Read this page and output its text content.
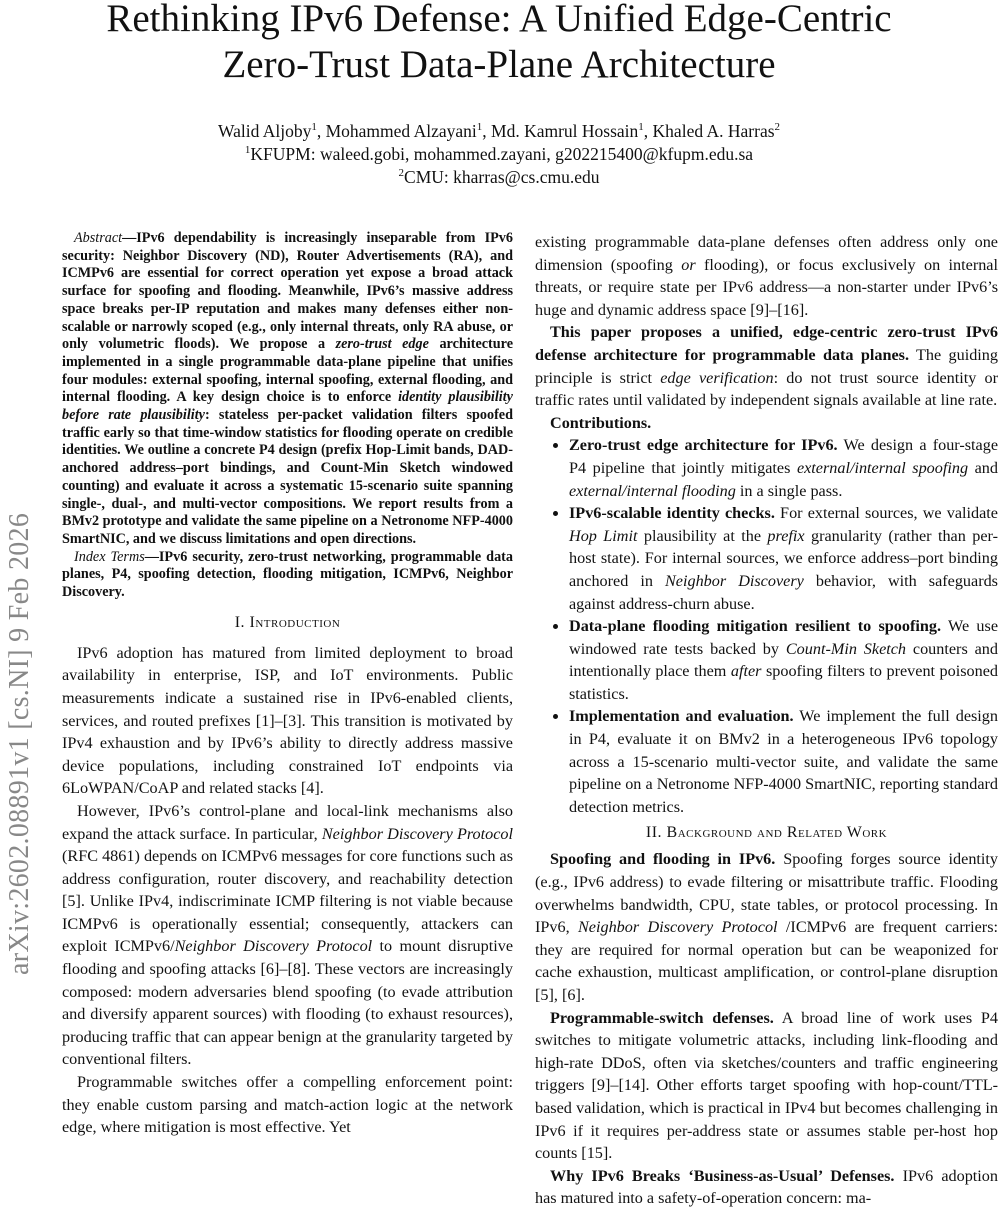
Rethinking IPv6 Defense: A Unified Edge-Centric
Zero-Trust Data-Plane Architecture
Walid Aljoby$^1$, Mohammed Alzayani$^1$, Md. Kamrul Hossain$^1$, Khaled A. Harras$^2$
$^1$KFUPM: waleed.gobi, mohammed.zayani, g202215400@kfupm.edu.sa
$^2$CMU: kharras@cs.cmu.edu
arXiv:2602.08891v1 [cs.NI] 9 Feb 2026

Abstract—IPv6 dependability is increasingly inseparable from IPv6 security: Neighbor Discovery (ND), Router Advertisements (RA), and ICMPv6 are essential for correct operation yet expose a broad attack surface for spoofing and flooding. Meanwhile, IPv6’s massive address space breaks per-IP reputation and makes many defenses either non-scalable or narrowly scoped (e.g., only internal threats, only RA abuse, or only volumetric floods). We propose a zero-trust edge architecture implemented in a single programmable data-plane pipeline that unifies four modules: external spoofing, internal spoofing, external flooding, and internal flooding. A key design choice is to enforce identity plausibility before rate plausibility: stateless per-packet validation filters spoofed traffic early so that time-window statistics for flooding operate on credible identities. We outline a concrete P4 design (prefix Hop-Limit bands, DAD-anchored address–port bindings, and Count-Min Sketch windowed counting) and evaluate it across a systematic 15-scenario suite spanning single-, dual-, and multi-vector compositions. We report results from a BMv2 prototype and validate the same pipeline on a Netronome NFP-4000 SmartNIC, and we discuss limitations and open directions.

Index Terms—IPv6 security, zero-trust networking, programmable data planes, P4, spoofing detection, flooding mitigation, ICMPv6, Neighbor Discovery.

I. Introduction

IPv6 adoption has matured from limited deployment to broad availability in enterprise, ISP, and IoT environments. Public measurements indicate a sustained rise in IPv6-enabled clients, services, and routed prefixes [1]–[3]. This transition is motivated by IPv4 exhaustion and by IPv6’s ability to directly address massive device populations, including constrained IoT endpoints via 6LoWPAN/CoAP and related stacks [4].

However, IPv6’s control-plane and local-link mechanisms also expand the attack surface. In particular, Neighbor Discovery Protocol (RFC 4861) depends on ICMPv6 messages for core functions such as address configuration, router discovery, and reachability detection [5]. Unlike IPv4, indiscriminate ICMP filtering is not viable because ICMPv6 is operationally essential; consequently, attackers can exploit ICMPv6/Neighbor Discovery Protocol to mount disruptive flooding and spoofing attacks [6]–[8]. These vectors are increasingly composed: modern adversaries blend spoofing (to evade attribution and diversify apparent sources) with flooding (to exhaust resources), producing traffic that can appear benign at the granularity targeted by conventional filters.

Programmable switches offer a compelling enforcement point: they enable custom parsing and match-action logic at the network edge, where mitigation is most effective. Yet

existing programmable data-plane defenses often address only one dimension (spoofing or flooding), or focus exclusively on internal threats, or require state per IPv6 address—a non-starter under IPv6’s huge and dynamic address space [9]–[16].

This paper proposes a unified, edge-centric zero-trust IPv6 defense architecture for programmable data planes. The guiding principle is strict edge verification: do not trust source identity or traffic rates until validated by independent signals available at line rate.

Contributions.
• Zero-trust edge architecture for IPv6. We design a four-stage P4 pipeline that jointly mitigates external/internal spoofing and external/internal flooding in a single pass.
• IPv6-scalable identity checks. For external sources, we validate Hop Limit plausibility at the prefix granularity (rather than per-host state). For internal sources, we enforce address–port binding anchored in Neighbor Discovery behavior, with safeguards against address-churn abuse.
• Data-plane flooding mitigation resilient to spoofing. We use windowed rate tests backed by Count-Min Sketch counters and intentionally place them after spoofing filters to prevent poisoned statistics.
• Implementation and evaluation. We implement the full design in P4, evaluate it on BMv2 in a heterogeneous IPv6 topology across a 15-scenario multi-vector suite, and validate the same pipeline on a Netronome NFP-4000 SmartNIC, reporting standard detection metrics.
II. Background and Related Work

Spoofing and flooding in IPv6. Spoofing forges source identity (e.g., IPv6 address) to evade filtering or misattribute traffic. Flooding overwhelms bandwidth, CPU, state tables, or protocol processing. In IPv6, Neighbor Discovery Protocol /ICMPv6 are frequent carriers: they are required for normal operation but can be weaponized for cache exhaustion, multicast amplification, or control-plane disruption [5], [6].

Programmable-switch defenses. A broad line of work uses P4 switches to mitigate volumetric attacks, including link-flooding and high-rate DDoS, often via sketches/counters and traffic engineering triggers [9]–[14]. Other efforts target spoofing with hop-count/TTL-based validation, which is practical in IPv4 but becomes challenging in IPv6 if it requires per-address state or assumes stable per-host hop counts [15].

Why IPv6 Breaks ‘Business-as-Usual’ Defenses. IPv6 adoption has matured into a safety-of-operation concern: ma-
